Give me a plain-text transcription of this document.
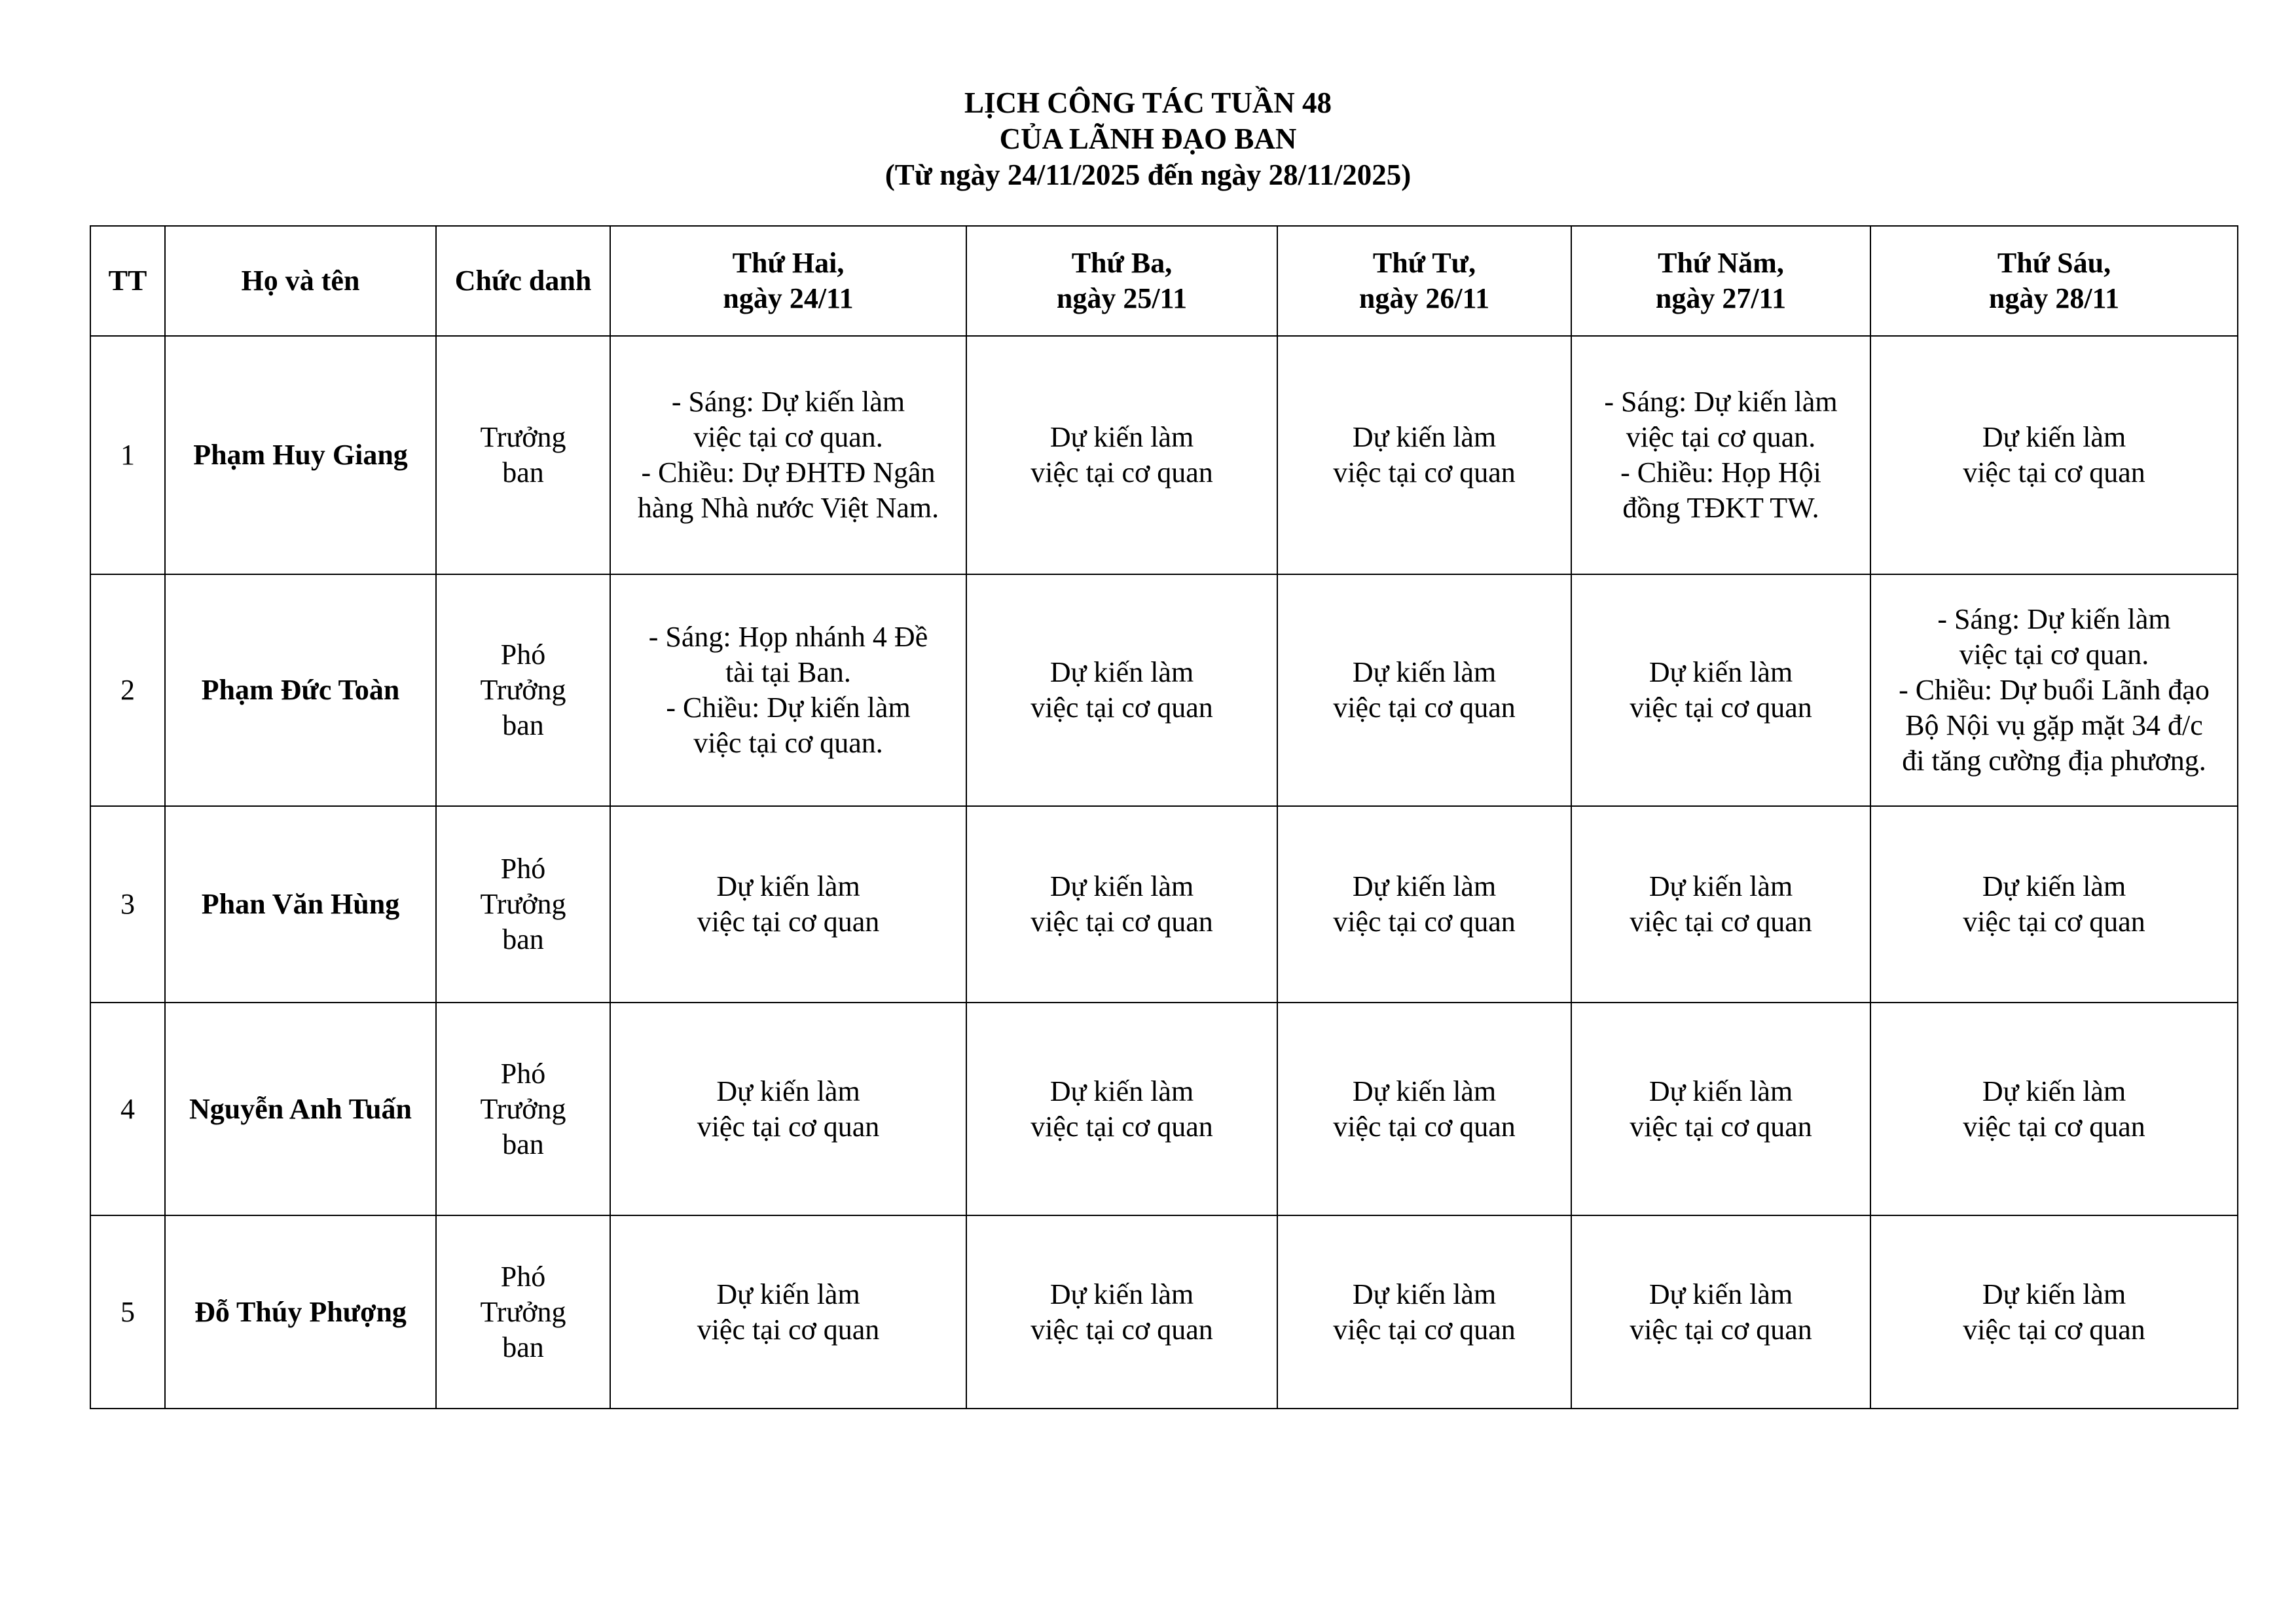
LỊCH CÔNG TÁC TUẦN 48
CỦA LÃNH ĐẠO BAN
(Từ ngày 24/11/2025 đến ngày 28/11/2025)
TT	Họ và tên	Chức danh	Thứ Hai,
ngày 24/11	Thứ Ba,
ngày 25/11	Thứ Tư,
ngày 26/11	Thứ Năm,
ngày 27/11	Thứ Sáu,
ngày 28/11
1	Phạm Huy Giang	Trưởng
ban	- Sáng: Dự kiến làm
việc tại cơ quan.
- Chiều: Dự ĐHTĐ Ngân
hàng Nhà nước Việt Nam.	Dự kiến làm
việc tại cơ quan	Dự kiến làm
việc tại cơ quan	- Sáng: Dự kiến làm
việc tại cơ quan.
- Chiều: Họp Hội
đồng TĐKT TW.	Dự kiến làm
việc tại cơ quan
2	Phạm Đức Toàn	Phó
Trưởng
ban	- Sáng: Họp nhánh 4 Đề
tài tại Ban.
- Chiều: Dự kiến làm
việc tại cơ quan.	Dự kiến làm
việc tại cơ quan	Dự kiến làm
việc tại cơ quan	Dự kiến làm
việc tại cơ quan	- Sáng: Dự kiến làm
việc tại cơ quan.
- Chiều: Dự buổi Lãnh đạo
Bộ Nội vụ gặp mặt 34 đ/c
đi tăng cường địa phương.
3	Phan Văn Hùng	Phó
Trưởng
ban	Dự kiến làm
việc tại cơ quan	Dự kiến làm
việc tại cơ quan	Dự kiến làm
việc tại cơ quan	Dự kiến làm
việc tại cơ quan	Dự kiến làm
việc tại cơ quan
4	Nguyễn Anh Tuấn	Phó
Trưởng
ban	Dự kiến làm
việc tại cơ quan	Dự kiến làm
việc tại cơ quan	Dự kiến làm
việc tại cơ quan	Dự kiến làm
việc tại cơ quan	Dự kiến làm
việc tại cơ quan
5	Đỗ Thúy Phượng	Phó
Trưởng
ban	Dự kiến làm
việc tại cơ quan	Dự kiến làm
việc tại cơ quan	Dự kiến làm
việc tại cơ quan	Dự kiến làm
việc tại cơ quan	Dự kiến làm
việc tại cơ quan
